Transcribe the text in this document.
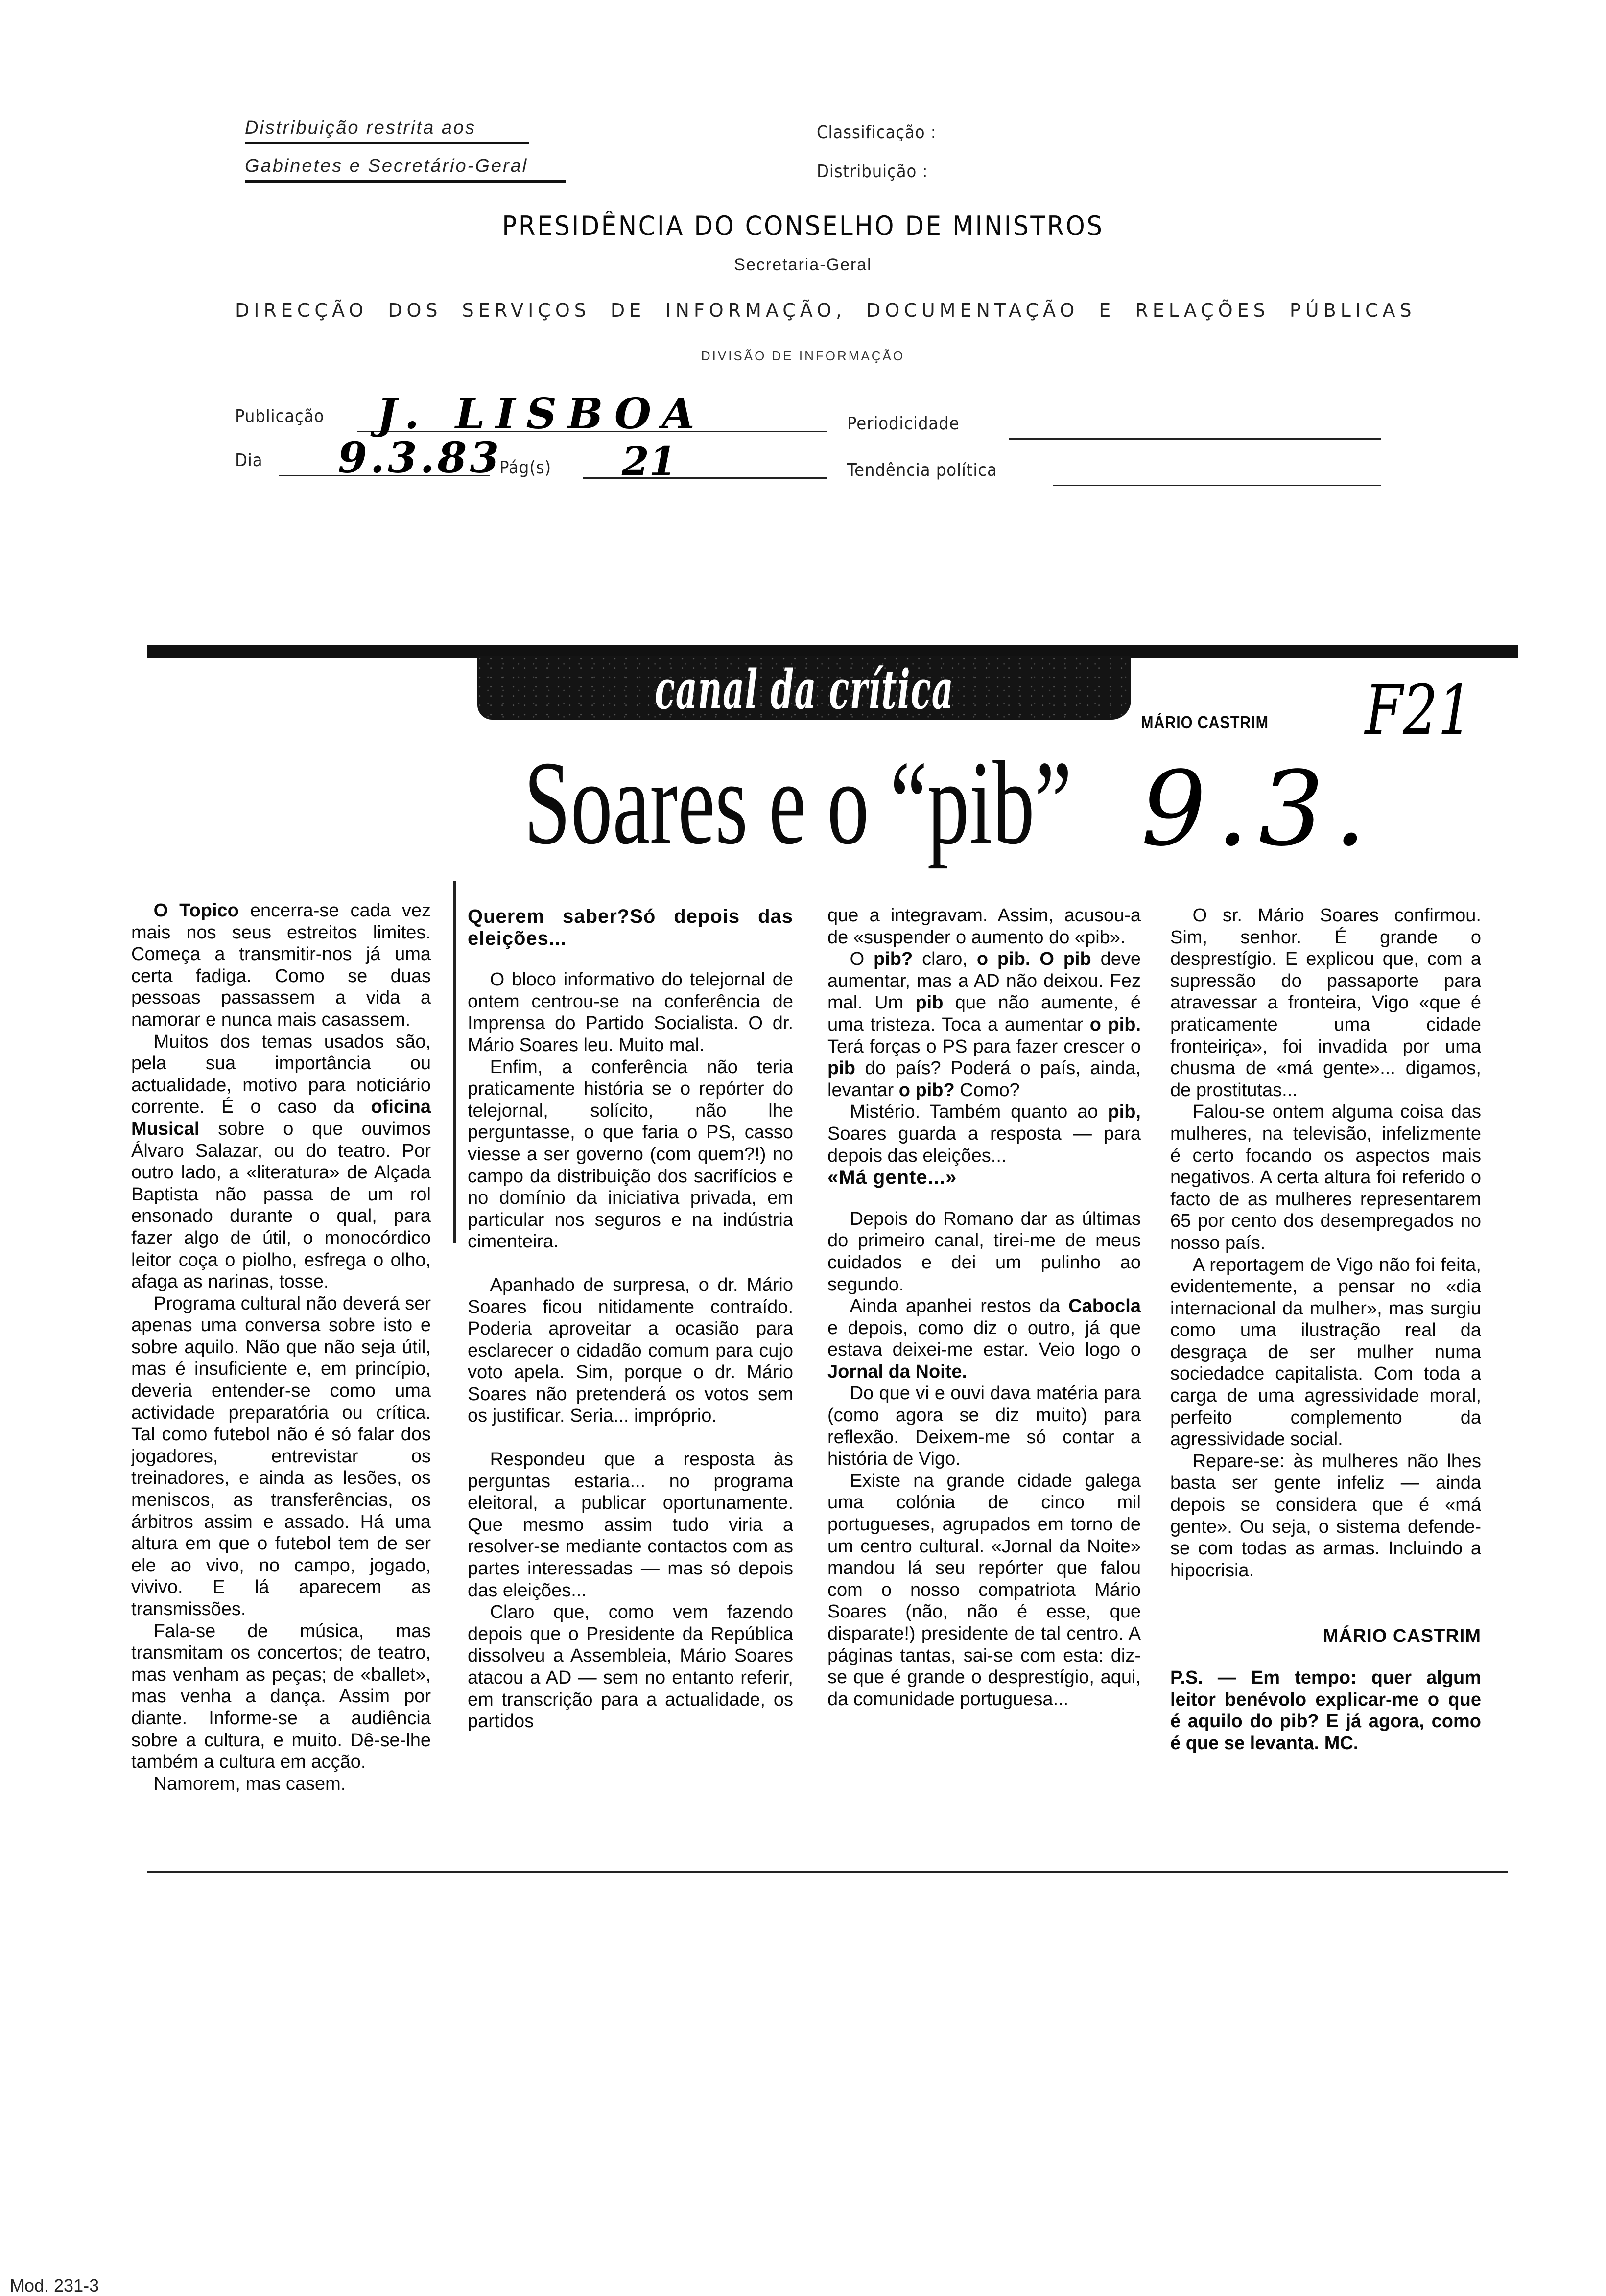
Distribuição restrita aos
Gabinetes e Secretário-Geral
Classificação :
Distribuição :
PRESIDÊNCIA DO CONSELHO DE MINISTROS
Secretaria-Geral
DIRECÇÃO DOS SERVIÇOS DE INFORMAÇÃO, DOCUMENTAÇÃO E RELAÇÕES PÚBLICAS
DIVISÃO DE INFORMAÇÃO
Publicação J. LISBOA	Periodicidade
Dia 9.3.83
Pág(s) 21	Tendência política
canal da crítica
MÁRIO CASTRIM F21
Soares e o “pib” 9.3.

O Topico encerra-se cada vez mais nos seus estreitos limites. Começa a transmitir-nos já uma certa fadiga. Como se duas pessoas passassem a vida a namorar e nunca mais casassem.

Muitos dos temas usados são, pela sua importância ou actualidade, motivo para noticiário corrente. É o caso da oficina Musical sobre o que ouvimos Álvaro Salazar, ou do teatro. Por outro lado, a «literatura» de Alçada Baptista não passa de um rol ensonado durante o qual, para fazer algo de útil, o monocórdico leitor coça o piolho, esfrega o olho, afaga as narinas, tosse.

Programa cultural não deverá ser apenas uma conversa sobre isto e sobre aquilo. Não que não seja útil, mas é insuficiente e, em princípio, deveria entender-se como uma actividade preparatória ou crítica. Tal como futebol não é só falar dos jogadores, entrevistar os treinadores, e ainda as lesões, os meniscos, as transferências, os árbitros assim e assado. Há uma altura em que o futebol tem de ser ele ao vivo, no campo, jogado, vivivo. E lá aparecem as transmissões.

Fala-se de música, mas transmitam os concertos; de teatro, mas venham as peças; de «ballet», mas venha a dança. Assim por diante. Informe-se a audiência sobre a cultura, e muito. Dê-se-lhe também a cultura em acção.

Namorem, mas casem.

Querem saber?Só depois das eleições...

O bloco informativo do telejornal de ontem centrou-se na conferência de Imprensa do Partido Socialista. O dr. Mário Soares leu. Muito mal.

Enfim, a conferência não teria praticamente história se o repórter do telejornal, solícito, não lhe perguntasse, o que faria o PS, casso viesse a ser governo (com quem?!) no campo da distribuição dos sacrifícios e no domínio da iniciativa privada, em particular nos seguros e na indústria cimenteira.

Apanhado de surpresa, o dr. Mário Soares ficou nitidamente contraído. Poderia aproveitar a ocasião para esclarecer o cidadão comum para cujo voto apela. Sim, porque o dr. Mário Soares não pretenderá os votos sem os justificar. Seria... impróprio.

Respondeu que a resposta às perguntas estaria... no programa eleitoral, a publicar oportunamente. Que mesmo assim tudo viria a resolver-se mediante contactos com as partes interessadas — mas só depois das eleições...

Claro que, como vem fazendo depois que o Presidente da República dissolveu a Assembleia, Mário Soares atacou a AD — sem no entanto referir, em transcrição para a actualidade, os partidos

que a integravam. Assim, acusou-a de «suspender o aumento do «pib».

O pib? claro, o pib. O pib deve aumentar, mas a AD não deixou. Fez mal. Um pib que não aumente, é uma tristeza. Toca a aumentar o pib. Terá forças o PS para fazer crescer o pib do país? Poderá o país, ainda, levantar o pib? Como?

Mistério. Também quanto ao pib, Soares guarda a resposta — para depois das eleições...

«Má gente...»

Depois do Romano dar as últimas do primeiro canal, tirei-me de meus cuidados e dei um pulinho ao segundo.

Ainda apanhei restos da Cabocla e depois, como diz o outro, já que estava deixei-me estar. Veio logo o Jornal da Noite.

Do que vi e ouvi dava matéria para (como agora se diz muito) para reflexão. Deixem-me só contar a história de Vigo.

Existe na grande cidade galega uma colónia de cinco mil portugueses, agrupados em torno de um centro cultural. «Jornal da Noite» mandou lá seu repórter que falou com o nosso compatriota Mário Soares (não, não é esse, que disparate!) presidente de tal centro. A páginas tantas, sai-se com esta: diz-se que é grande o desprestígio, aqui, da comunidade portuguesa...

O sr. Mário Soares confirmou. Sim, senhor. É grande o desprestígio. E explicou que, com a supressão do passaporte para atravessar a fronteira, Vigo «que é praticamente uma cidade fronteiriça», foi invadida por uma chusma de «má gente»... digamos, de prostitutas...

Falou-se ontem alguma coisa das mulheres, na televisão, infelizmente é certo focando os aspectos mais negativos. A certa altura foi referido o facto de as mulheres representarem 65 por cento dos desempregados no nosso país.

A reportagem de Vigo não foi feita, evidentemente, a pensar no «dia internacional da mulher», mas surgiu como uma ilustração real da desgraça de ser mulher numa sociedadce capitalista. Com toda a carga de uma agressividade moral, perfeito complemento da agressividade social.

Repare-se: às mulheres não lhes basta ser gente infeliz — ainda depois se considera que é «má gente». Ou seja, o sistema defende-se com todas as armas. Incluindo a hipocrisia.

MÁRIO CASTRIM

P.S. — Em tempo: quer algum leitor benévolo explicar-me o que é aquilo do pib? E já agora, como é que se levanta. MC.

Mod. 231-3
